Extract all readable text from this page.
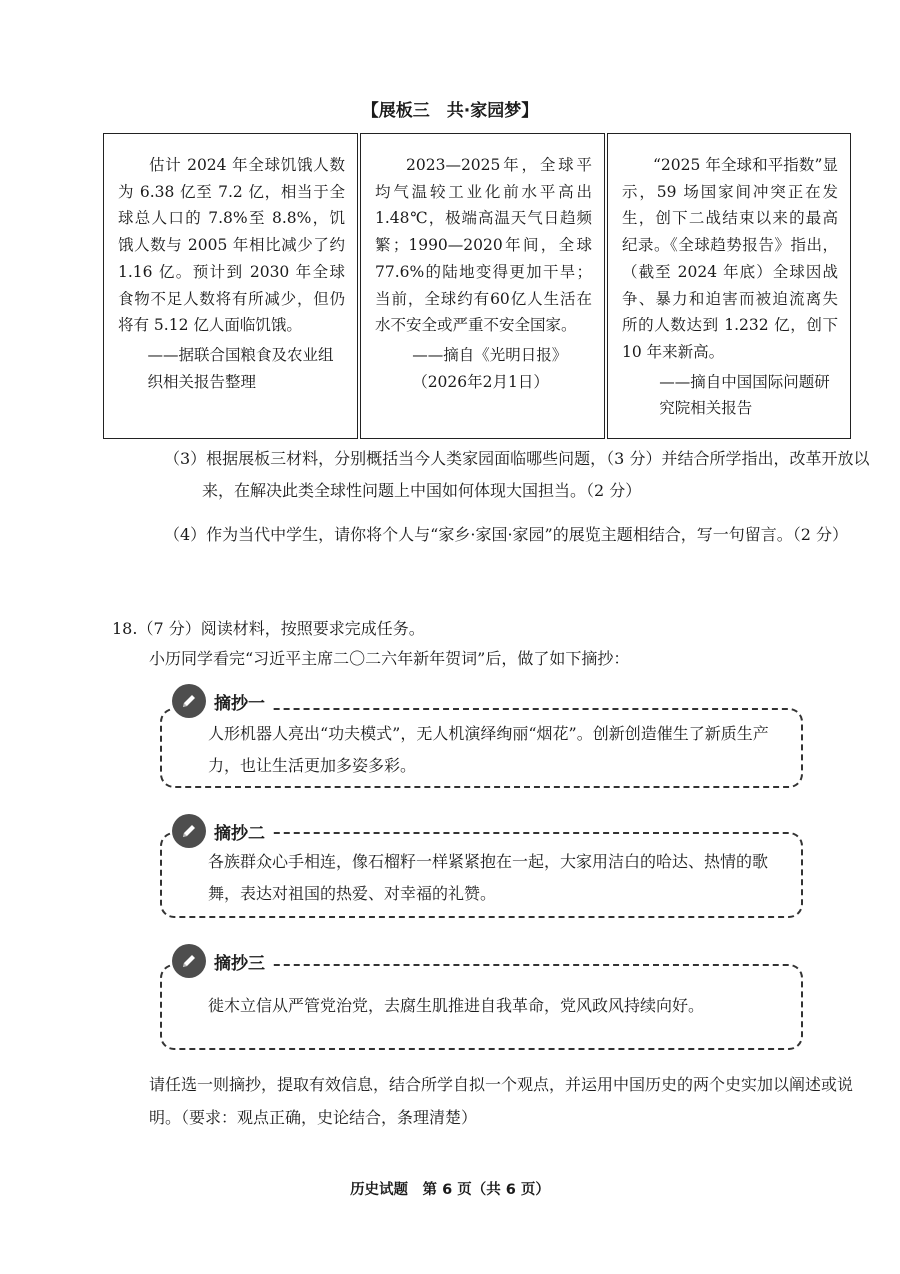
【展板三　共·家园梦】

估计 2024 年全球饥饿人数为 6.38 亿至 7.2 亿，相当于全球总人口的 7.8%至 8.8%，饥饿人数与 2005 年相比减少了约 1.16 亿。预计到 2030 年全球食物不足人数将有所减少，但仍将有 5.12 亿人面临饥饿。

——据联合国粮食及农业组织相关报告整理

2023—2025年，全球平均气温较工业化前水平高出1.48℃，极端高温天气日趋频繁；1990—2020年间，全球77.6%的陆地变得更加干旱；当前，全球约有60亿人生活在水不安全或严重不安全国家。

——摘自《光明日报》（2026年2月1日）

“2025 年全球和平指数”显示，59 场国家间冲突正在发生，创下二战结束以来的最高纪录。《全球趋势报告》指出，（截至 2024 年底）全球因战争、暴力和迫害而被迫流离失所的人数达到 1.232 亿，创下 10 年来新高。

——摘自中国国际问题研究院相关报告
（3）根据展板三材料，分别概括当今人类家园面临哪些问题，（3 分）并结合所学指出，改革开放以来，在解决此类全球性问题上中国如何体现大国担当。（2 分）
（4）作为当代中学生，请你将个人与“家乡·家国·家园”的展览主题相结合，写一句留言。（2 分）
18.（7 分）阅读材料，按照要求完成任务。
小历同学看完“习近平主席二〇二六年新年贺词”后，做了如下摘抄：

人形机器人亮出“功夫模式”，无人机演绎绚丽“烟花”。创新创造催生了新质生产力，也让生活更加多姿多彩。

摘抄一

各族群众心手相连，像石榴籽一样紧紧抱在一起，大家用洁白的哈达、热情的歌舞，表达对祖国的热爱、对幸福的礼赞。

摘抄二

徙木立信从严管党治党，去腐生肌推进自我革命，党风政风持续向好。

摘抄三

请任选一则摘抄，提取有效信息，结合所学自拟一个观点，并运用中国历史的两个史实加以阐述或说明。（要求：观点正确，史论结合，条理清楚）

历史试题　第 6 页（共 6 页）
